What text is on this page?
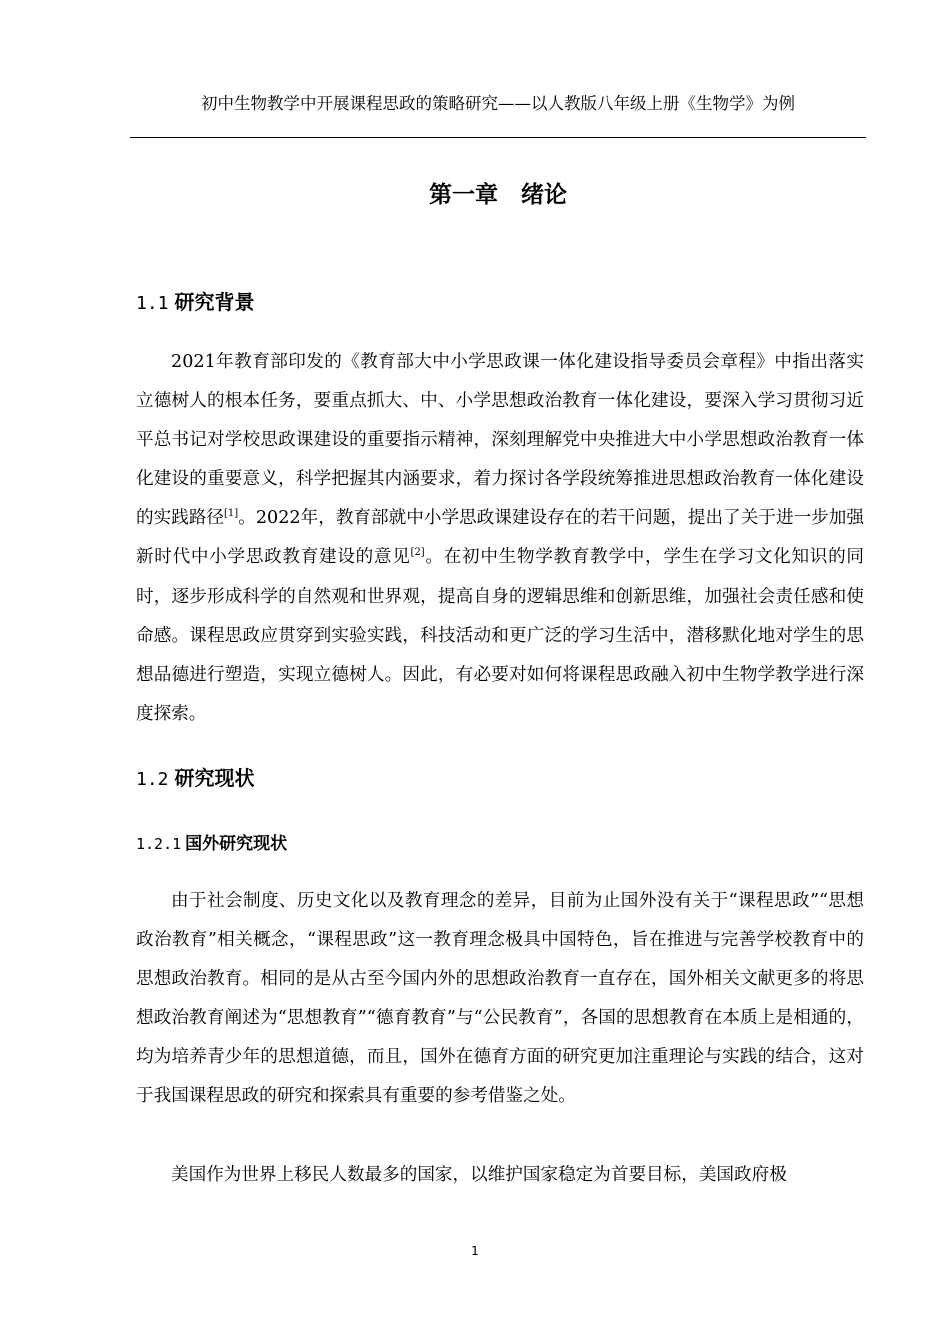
初中生物教学中开展课程思政的策略研究——以人教版八年级上册《生物学》为例
第一章　绪论
1.1 研究背景
2021年教育部印发的《教育部大中小学思政课一体化建设指导委员会章程》中指出落实立德树人的根本任务，要重点抓大、中、小学思想政治教育一体化建设，要深入学习贯彻习近平总书记对学校思政课建设的重要指示精神，深刻理解党中央推进大中小学思想政治教育一体化建设的重要意义，科学把握其内涵要求，着力探讨各学段统筹推进思想政治教育一体化建设的实践路径[1]。2022年，教育部就中小学思政课建设存在的若干问题，提出了关于进一步加强新时代中小学思政教育建设的意见[2]。在初中生物学教育教学中，学生在学习文化知识的同时，逐步形成科学的自然观和世界观，提高自身的逻辑思维和创新思维，加强社会责任感和使命感。课程思政应贯穿到实验实践，科技活动和更广泛的学习生活中，潜移默化地对学生的思想品德进行塑造，实现立德树人。因此，有必要对如何将课程思政融入初中生物学教学进行深度探索。
1.2 研究现状
1.2.1 国外研究现状
由于社会制度、历史文化以及教育理念的差异，目前为止国外没有关于“课程思政”“思想政治教育”相关概念，“课程思政”这一教育理念极具中国特色，旨在推进与完善学校教育中的思想政治教育。相同的是从古至今国内外的思想政治教育一直存在，国外相关文献更多的将思想政治教育阐述为“思想教育”“德育教育”与“公民教育”，各国的思想教育在本质上是相通的，均为培养青少年的思想道德，而且，国外在德育方面的研究更加注重理论与实践的结合，这对于我国课程思政的研究和探索具有重要的参考借鉴之处。
美国作为世界上移民人数最多的国家，以维护国家稳定为首要目标，美国政府极
1
